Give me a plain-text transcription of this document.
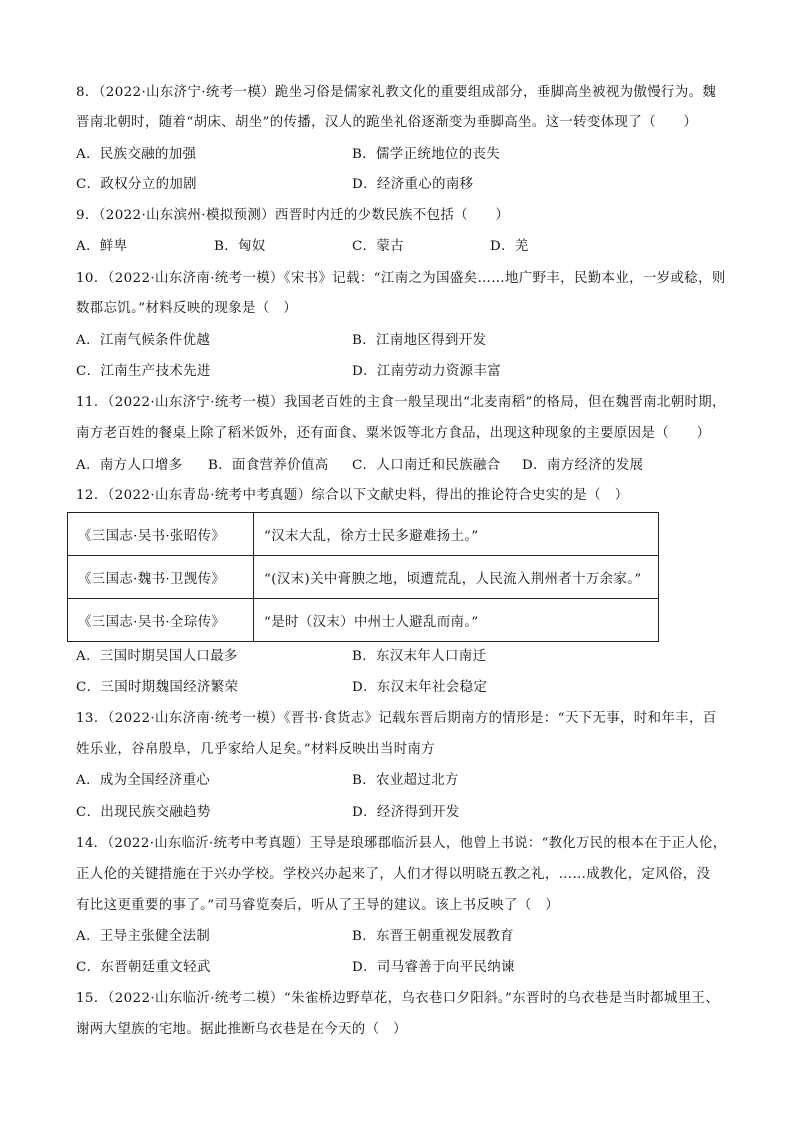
8．（2022·山东济宁·统考一模）跪坐习俗是儒家礼教文化的重要组成部分，垂脚高坐被视为傲慢行为。魏
晋南北朝时，随着“胡床、胡坐”的传播，汉人的跪坐礼俗逐渐变为垂脚高坐。这一转变体现了（　　）
A．民族交融的加强	B．儒学正统地位的丧失
C．政权分立的加剧	D．经济重心的南移
9．（2022·山东滨州·模拟预测）西晋时内迁的少数民族不包括（　　）
A．鲜卑	B．匈奴	C．蒙古	D．羌
10．（2022·山东济南·统考一模）《宋书》记载：“江南之为国盛矣……地广野丰，民勤本业，一岁或稔，则
数郡忘饥。”材料反映的现象是（　）
A．江南气候条件优越	B．江南地区得到开发
C．江南生产技术先进	D．江南劳动力资源丰富
11．（2022·山东济宁·统考一模）我国老百姓的主食一般呈现出“北麦南稻”的格局，但在魏晋南北朝时期，
南方老百姓的餐桌上除了稻米饭外，还有面食、粟米饭等北方食品，出现这种现象的主要原因是（　　）
A．南方人口增多 B．面食营养价值高 C．人口南迁和民族融合 D．南方经济的发展
12．（2022·山东青岛·统考中考真题）综合以下文献史料，得出的推论符合史实的是（　）
《三国志·吴书·张昭传》	“汉末大乱，徐方士民多避难扬土。”
《三国志·魏书·卫觊传》	“(汉末)关中膏腴之地，顷遭荒乱，人民流入荆州者十万余家。”
《三国志·吴书·全琮传》	“是时（汉末）中州士人避乱而南。”
A．三国时期吴国人口最多	B．东汉末年人口南迁
C．三国时期魏国经济繁荣	D．东汉末年社会稳定
13．（2022·山东济南·统考一模）《晋书·食货志》记载东晋后期南方的情形是：“天下无事，时和年丰，百
姓乐业，谷帛殷阜，几乎家给人足矣。”材料反映出当时南方
A．成为全国经济重心	B．农业超过北方
C．出现民族交融趋势	D．经济得到开发
14．（2022·山东临沂·统考中考真题）王导是琅琊郡临沂县人，他曾上书说：“教化万民的根本在于正人伦，
正人伦的关键措施在于兴办学校。学校兴办起来了，人们才得以明晓五教之礼，……成教化，定风俗，没
有比这更重要的事了。”司马睿览奏后，听从了王导的建议。该上书反映了（　）
A．王导主张健全法制	B．东晋王朝重视发展教育
C．东晋朝廷重文轻武	D．司马睿善于向平民纳谏
15．（2022·山东临沂·统考二模）“朱雀桥边野草花，乌衣巷口夕阳斜。”东晋时的乌衣巷是当时都城里王、
谢两大望族的宅地。据此推断乌衣巷是在今天的（　）
